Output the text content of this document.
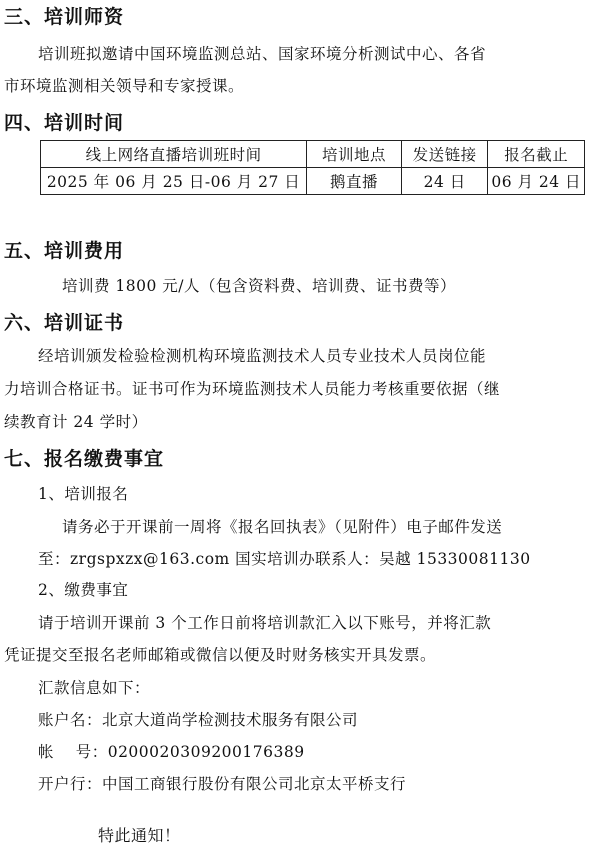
三、培训师资
培训班拟邀请中国环境监测总站、国家环境分析测试中心、各省
市环境监测相关领导和专家授课。
四、培训时间
线上网络直播培训班时间	培训地点	发送链接	报名截止
2025 年 06 月 25 日-06 月 27 日	鹅直播	24 日	06 月 24 日
五、培训费用
培训费 1800 元/人（包含资料费、培训费、证书费等）
六、培训证书
经培训颁发检验检测机构环境监测技术人员专业技术人员岗位能
力培训合格证书。证书可作为环境监测技术人员能力考核重要依据（继
续教育计 24 学时）
七、报名缴费事宜
1、培训报名
请务必于开课前一周将《报名回执表》（见附件）电子邮件发送
至：zrgspxzx@163.com 国实培训办联系人：吴越 15330081130
2、缴费事宜
请于培训开课前 3 个工作日前将培训款汇入以下账号，并将汇款
凭证提交至报名老师邮箱或微信以便及时财务核实开具发票。
汇款信息如下：
账户名：北京大道尚学检测技术服务有限公司
帐    号：0200020309200176389
开户行：中国工商银行股份有限公司北京太平桥支行
特此通知！
